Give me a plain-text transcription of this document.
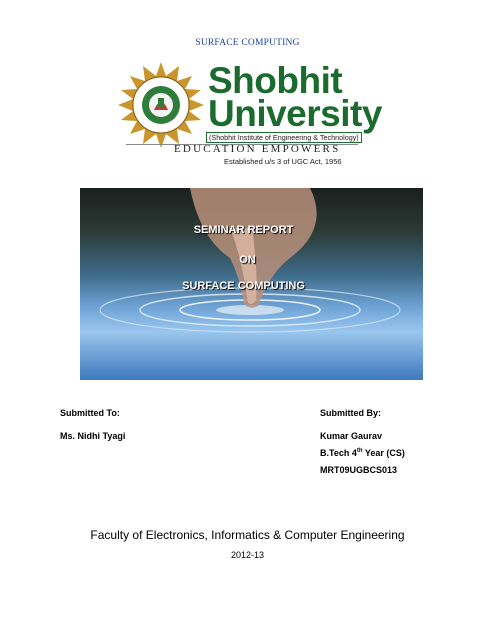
SURFACE COMPUTING
Shobhit
University
(Shobhit Institute of Engineering & Technology)
EDUCATION EMPOWERS
Established u/s 3 of UGC Act, 1956
SEMINAR REPORT
ON
SURFACE COMPUTING
Submitted To:	Submitted By:
Ms. Nidhi Tyagi	Kumar Gaurav
B.Tech 4th Year (CS)
MRT09UGBCS013
Faculty of Electronics, Informatics & Computer Engineering
2012-13
